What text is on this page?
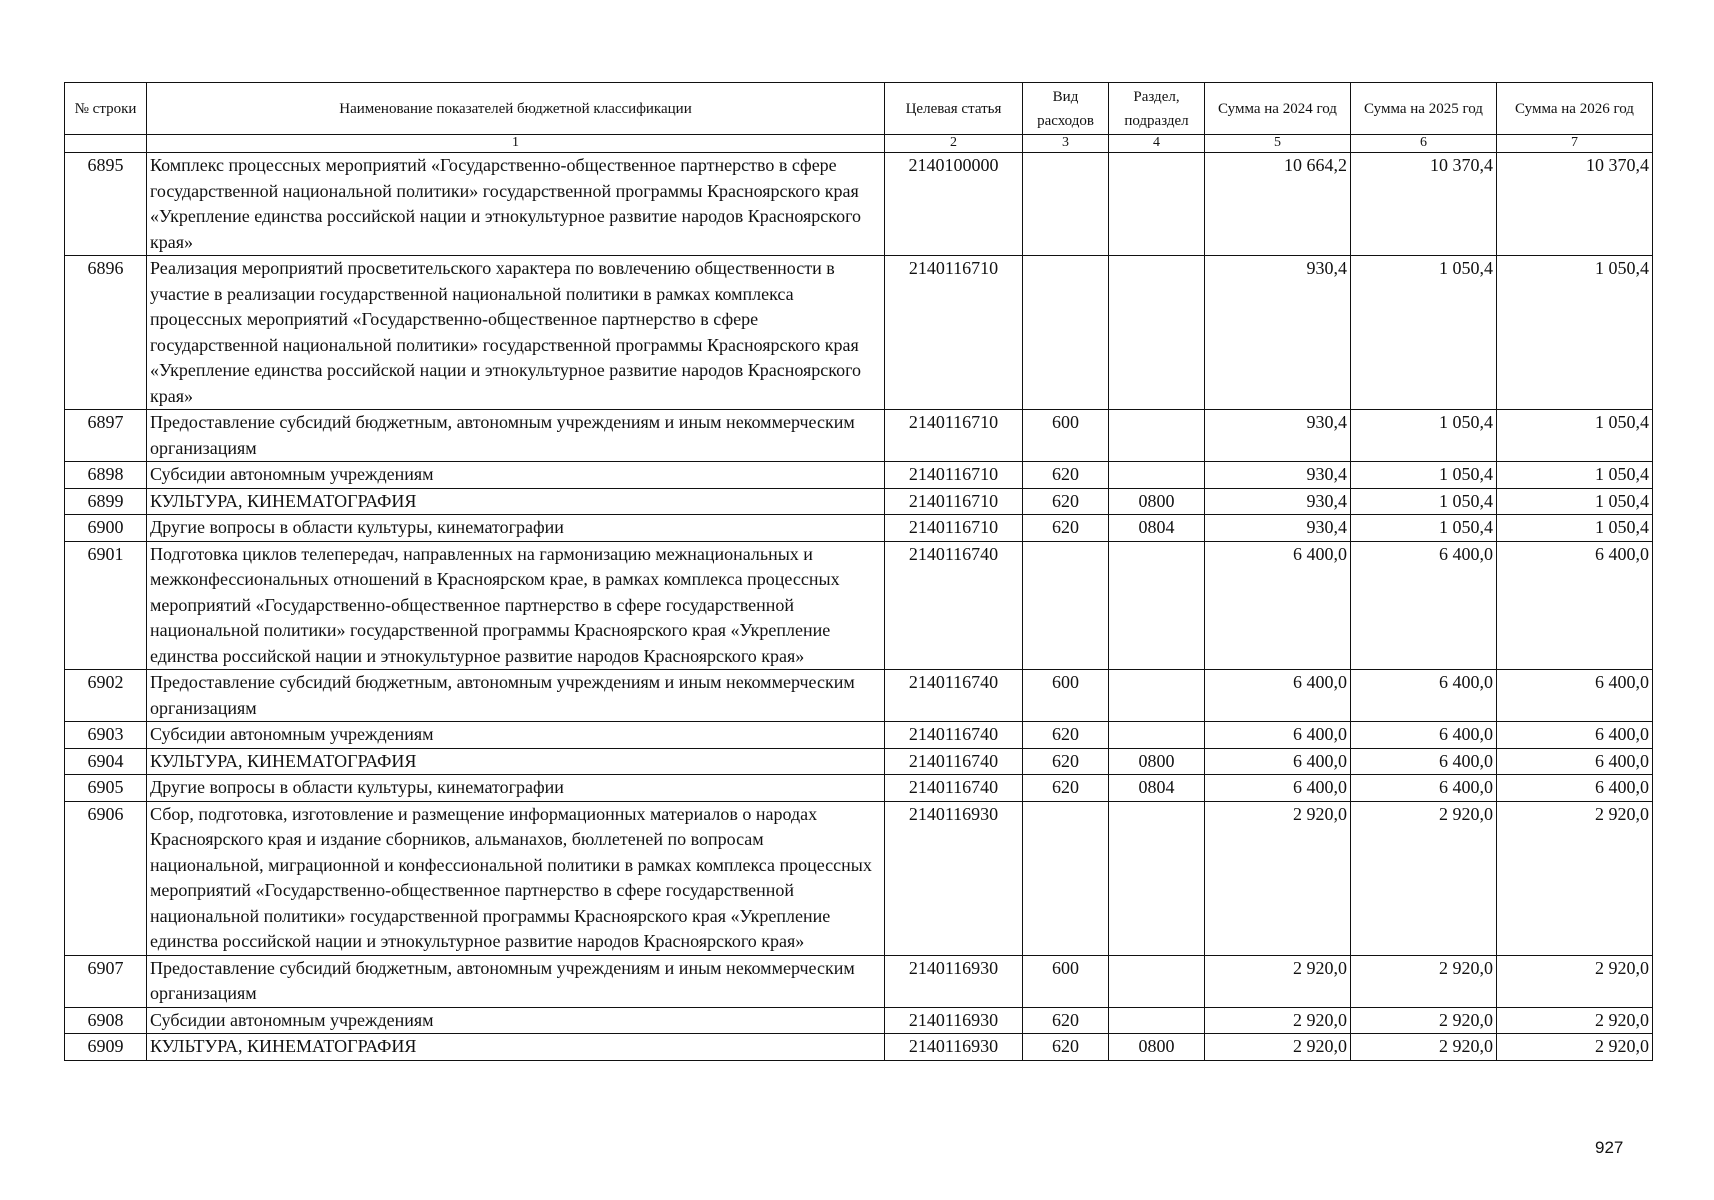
№ строки	Наименование показателей бюджетной классификации	Целевая статья	Вид расходов	Раздел, подраздел	Сумма на 2024 год	Сумма на 2025 год	Сумма на 2026 год
	1	2	3	4	5	6	7
6895	Комплекс процессных мероприятий «Государственно-общественное партнерство в сфере государственной национальной политики» государственной программы Красноярского края «Укрепление единства российской нации и этнокультурное развитие народов Красноярского края»	2140100000			10 664,2	10 370,4	10 370,4
6896	Реализация мероприятий просветительского характера по вовлечению общественности в участие в реализации государственной национальной политики в рамках комплекса процессных мероприятий «Государственно-общественное партнерство в сфере государственной национальной политики» государственной программы Красноярского края «Укрепление единства российской нации и этнокультурное развитие народов Красноярского края»	2140116710			930,4	1 050,4	1 050,4
6897	Предоставление субсидий бюджетным, автономным учреждениям и иным некоммерческим организациям	2140116710	600		930,4	1 050,4	1 050,4
6898	Субсидии автономным учреждениям	2140116710	620		930,4	1 050,4	1 050,4
6899	КУЛЬТУРА, КИНЕМАТОГРАФИЯ	2140116710	620	0800	930,4	1 050,4	1 050,4
6900	Другие вопросы в области культуры, кинематографии	2140116710	620	0804	930,4	1 050,4	1 050,4
6901	Подготовка циклов телепередач, направленных на гармонизацию межнациональных и межконфессиональных отношений в Красноярском крае, в рамках комплекса процессных мероприятий «Государственно-общественное партнерство в сфере государственной национальной политики» государственной программы Красноярского края «Укрепление единства российской нации и этнокультурное развитие народов Красноярского края»	2140116740			6 400,0	6 400,0	6 400,0
6902	Предоставление субсидий бюджетным, автономным учреждениям и иным некоммерческим организациям	2140116740	600		6 400,0	6 400,0	6 400,0
6903	Субсидии автономным учреждениям	2140116740	620		6 400,0	6 400,0	6 400,0
6904	КУЛЬТУРА, КИНЕМАТОГРАФИЯ	2140116740	620	0800	6 400,0	6 400,0	6 400,0
6905	Другие вопросы в области культуры, кинематографии	2140116740	620	0804	6 400,0	6 400,0	6 400,0
6906	Сбор, подготовка, изготовление и размещение информационных материалов о народах Красноярского края и издание сборников, альманахов, бюллетеней по вопросам национальной, миграционной и конфессиональной политики в рамках комплекса процессных мероприятий «Государственно-общественное партнерство в сфере государственной национальной политики» государственной программы Красноярского края «Укрепление единства российской нации и этнокультурное развитие народов Красноярского края»	2140116930			2 920,0	2 920,0	2 920,0
6907	Предоставление субсидий бюджетным, автономным учреждениям и иным некоммерческим организациям	2140116930	600		2 920,0	2 920,0	2 920,0
6908	Субсидии автономным учреждениям	2140116930	620		2 920,0	2 920,0	2 920,0
6909	КУЛЬТУРА, КИНЕМАТОГРАФИЯ	2140116930	620	0800	2 920,0	2 920,0	2 920,0
927
